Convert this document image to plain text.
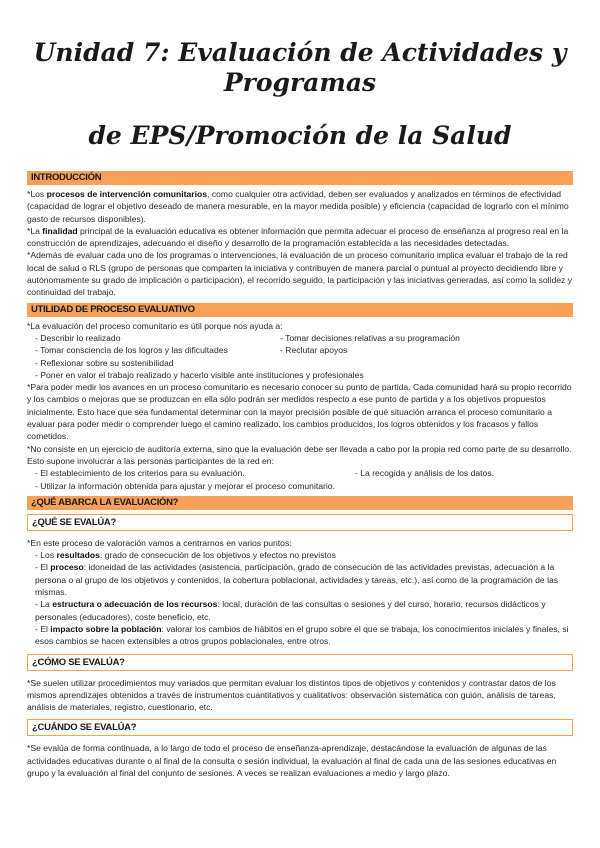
Unidad 7: Evaluación de Actividades y Programas
de EPS/Promoción de la Salud
INTRODUCCIÓN

*Los procesos de intervención comunitarios, como cualquier otra actividad, deben ser evaluados y analizados en términos de efectividad (capacidad de lograr el objetivo deseado de manera mesurable, en la mayor medida posible) y eficiencia (capacidad de lograrlo con el mínimo gasto de recursos disponibles).

*La finalidad principal de la evaluación educativa es obtener información que permita adecuar el proceso de enseñanza al progreso real en la construcción de aprendizajes, adecuando el diseño y desarrollo de la programación establecida a las necesidades detectadas.

*Además de evaluar cada uno de los programas o intervenciones, la evaluación de un proceso comunitario implica evaluar el trabajo de la red local de salud o RLS (grupo de personas que comparten la iniciativa y contribuyen de manera parcial o puntual al proyecto decidiendo libre y autónomamente su grado de implicación o participación), el recorrido seguido, la participación y las iniciativas generadas, así como la solidez y continuidad del trabajo.

UTILIDAD DE PROCESO EVALUATIVO

*La evaluación del proceso comunitario es útil porque nos ayuda a:

- Describir lo realizado	- Tomar decisiones relativas a su programación
- Tomar consciencia de los logros y las dificultades	- Reclutar apoyos
- Reflexionar sobre su sostenibilidad
- Poner en valor el trabajo realizado y hacerlo visible ante instituciones y profesionales

*Para poder medir los avances en un proceso comunitario es necesario conocer su punto de partida. Cada comunidad hará su propio recorrido y los cambios o mejoras que se produzcan en ella sólo podrán ser medidos respecto a ese punto de partida y a los objetivos propuestos inicialmente. Esto hace que sea fundamental determinar con la mayor precisión posible de qué situación arranca el proceso comunitario a evaluar para poder medir o comprender luego el camino realizado, los cambios producidos, los logros obtenidos y los fracasos y fallos cometidos.

*No consiste en un ejercicio de auditoría externa, sino que la evaluación debe ser llevada a cabo por la propia red como parte de su desarrollo. Esto supone involucrar a las personas participantes de la red en:

- El establecimiento de los criterios para su evaluación.	- La recogida y análisis de los datos.
- Utilizar la información obtenida para ajustar y mejorar el proceso comunitario.
¿QUÉ ABARCA LA EVALUACIÓN?
¿QUÉ SE EVALÚA?

*En este proceso de valoración vamos a centrarnos en varios puntos:

- Los resultados: grado de consecución de los objetivos y efectos no previstos
- El proceso: idoneidad de las actividades (asistencia, participación, grado de consecución de las actividades previstas, adecuación a la persona o al grupo de los objetivos y contenidos, la cobertura poblacional, actividades y tareas, etc.), así como de la programación de las mismas.
- La estructura o adecuación de los recursos: local, duración de las consultas o sesiones y del curso, horario, recursos didácticos y personales (educadores), coste beneficio, etc.
- El impacto sobre la población: valorar los cambios de hábitos en el grupo sobre el que se trabaja, los conocimientos iniciales y finales, si esos cambios se hacen extensibles a otros grupos poblacionales, entre otros.
¿CÓMO SE EVALÚA?

*Se suelen utilizar procedimientos muy variados que permitan evaluar los distintos tipos de objetivos y contenidos y contrastar datos de los mismos aprendizajes obtenidos a través de instrumentos cuantitativos y cualitativos: observación sistemática con guión, análisis de tareas, análisis de materiales, registro, cuestionario, etc.

¿CUÁNDO SE EVALÚA?

*Se evalúa de forma continuada, a lo largo de todo el proceso de enseñanza-aprendizaje, destacándose la evaluación de algunas de las actividades educativas durante o al final de la consulta o sesión individual, la evaluación al final de cada una de las sesiones educativas en grupo y la evaluación al final del conjunto de sesiones. A veces se realizan evaluaciones a medio y largo plazo.
